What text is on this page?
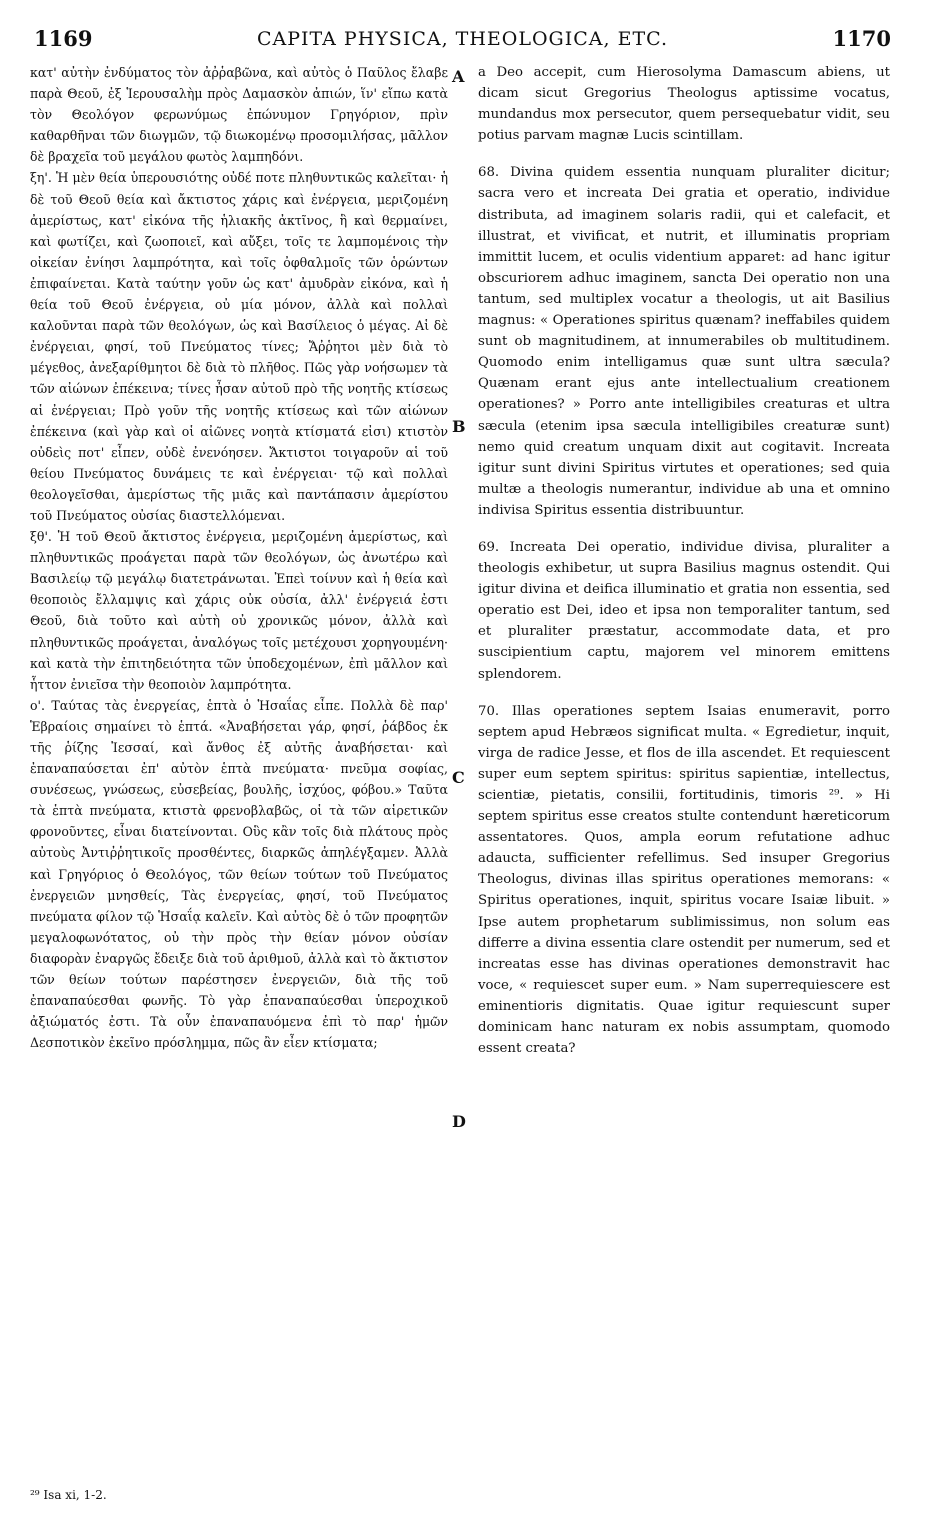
1169	CAPITA PHYSICA, THEOLOGICA, ETC.	1170

κατ' αὐτὴν ἐνδύματος τὸν ἀῤῥαβῶνα, καὶ αὐτὸς ὁ Παῦλος ἔλαβε παρὰ Θεοῦ, ἐξ Ἱερουσαλὴμ πρὸς Δαμασκὸν ἀπιών, ἵν' εἴπω κατὰ τὸν Θεολόγον φερωνύμως ἐπώνυμον Γρηγόριον, πρὶν καθαρθῆναι τῶν διωγμῶν, τῷ διωκομένῳ προσομιλήσας, μᾶλλον δὲ βραχεῖα τοῦ μεγάλου φωτὸς λαμπηδόνι.

ξη'. Ἡ μὲν θεία ὑπερουσιότης οὐδέ ποτε πληθυντικῶς καλεῖται· ἡ δὲ τοῦ Θεοῦ θεία καὶ ἄκτιστος χάρις καὶ ἐνέργεια, μεριζομένη ἀμερίστως, κατ' εἰκόνα τῆς ἡλιακῆς ἀκτῖνος, ἣ καὶ θερμαίνει, καὶ φωτίζει, καὶ ζωοποιεῖ, καὶ αὔξει, τοῖς τε λαμπομένοις τὴν οἰκείαν ἐνίησι λαμπρότητα, καὶ τοῖς ὀφθαλμοῖς τῶν ὁρώντων ἐπιφαίνεται. Κατὰ ταύτην γοῦν ὡς κατ' ἀμυδρὰν εἰκόνα, καὶ ἡ θεία τοῦ Θεοῦ ἐνέργεια, οὐ μία μόνον, ἀλλὰ καὶ πολλαὶ καλοῦνται παρὰ τῶν θεολόγων, ὡς καὶ Βασίλειος ὁ μέγας. Αἱ δὲ ἐνέργειαι, φησί, τοῦ Πνεύματος τίνες; Ἄῤῥητοι μὲν διὰ τὸ μέγεθος, ἀνεξαρίθμητοι δὲ διὰ τὸ πλῆθος. Πῶς γὰρ νοήσωμεν τὰ τῶν αἰώνων ἐπέκεινα; τίνες ἦσαν αὐτοῦ πρὸ τῆς νοητῆς κτίσεως αἱ ἐνέργειαι; Πρὸ γοῦν τῆς νοητῆς κτίσεως καὶ τῶν αἰώνων ἐπέκεινα (καὶ γὰρ καὶ οἱ αἰῶνες νοητὰ κτίσματά εἰσι) κτιστὸν οὐδεὶς ποτ' εἶπεν, οὐδὲ ἐνενόησεν. Ἄκτιστοι τοιγαροῦν αἱ τοῦ θείου Πνεύματος δυνάμεις τε καὶ ἐνέργειαι· τῷ καὶ πολλαὶ θεολογεῖσθαι, ἀμερίστως τῆς μιᾶς καὶ παντάπασιν ἀμερίστου τοῦ Πνεύματος οὐσίας διαστελλόμεναι.

ξθ'. Ἡ τοῦ Θεοῦ ἄκτιστος ἐνέργεια, μεριζομένη ἀμερίστως, καὶ πληθυντικῶς προάγεται παρὰ τῶν θεολόγων, ὡς ἀνωτέρω καὶ Βασιλείῳ τῷ μεγάλῳ διατετράνωται. Ἐπεὶ τοίνυν καὶ ἡ θεία καὶ θεοποιὸς ἔλλαμψις καὶ χάρις οὐκ οὐσία, ἀλλ' ἐνέργειά ἐστι Θεοῦ, διὰ τοῦτο καὶ αὐτὴ οὐ χρονικῶς μόνον, ἀλλὰ καὶ πληθυντικῶς προάγεται, ἀναλόγως τοῖς μετέχουσι χορηγουμένη· καὶ κατὰ τὴν ἐπιτηδειότητα τῶν ὑποδεχομένων, ἐπὶ μᾶλλον καὶ ἧττον ἐνιεῖσα τὴν θεοποιὸν λαμπρότητα.

ο'. Ταύτας τὰς ἐνεργείας, ἑπτὰ ὁ Ἡσαΐας εἶπε. Πολλὰ δὲ παρ' Ἑβραίοις σημαίνει τὸ ἑπτά. «Ἀναβήσεται γάρ, φησί, ῥάβδος ἐκ τῆς ῥίζης Ἰεσσαί, καὶ ἄνθος ἐξ αὐτῆς ἀναβήσεται· καὶ ἐπαναπαύσεται ἐπ' αὐτὸν ἑπτὰ πνεύματα· πνεῦμα σοφίας, συνέσεως, γνώσεως, εὐσεβείας, βουλῆς, ἰσχύος, φόβου.» Ταῦτα τὰ ἑπτὰ πνεύματα, κτιστὰ φρενοβλαβῶς, οἱ τὰ τῶν αἱρετικῶν φρονοῦντες, εἶναι διατείνονται. Οὓς κἂν τοῖς διὰ πλάτους πρὸς αὐτοὺς Ἀντιῤῥητικοῖς προσθέντες, διαρκῶς ἀπηλέγξαμεν. Ἀλλὰ καὶ Γρηγόριος ὁ Θεολόγος, τῶν θείων τούτων τοῦ Πνεύματος ἐνεργειῶν μνησθείς, Τὰς ἐνεργείας, φησί, τοῦ Πνεύματος πνεύματα φίλον τῷ Ἡσαΐᾳ καλεῖν. Καὶ αὐτὸς δὲ ὁ τῶν προφητῶν μεγαλοφωνότατος, οὐ τὴν πρὸς τὴν θείαν μόνον οὐσίαν διαφορὰν ἐναργῶς ἔδειξε διὰ τοῦ ἀριθμοῦ, ἀλλὰ καὶ τὸ ἄκτιστον τῶν θείων τούτων παρέστησεν ἐνεργειῶν, διὰ τῆς τοῦ ἐπαναπαύεσθαι φωνῆς. Τὸ γὰρ ἐπαναπαύεσθαι ὑπεροχικοῦ ἀξιώματός ἐστι. Τὰ οὖν ἐπαναπαυόμενα ἐπὶ τὸ παρ' ἡμῶν Δεσποτικὸν ἐκεῖνο πρόσλημμα, πῶς ἂν εἶεν κτίσματα;

A
B
C
D

a Deo accepit, cum Hierosolyma Damascum abiens, ut dicam sicut Gregorius Theologus aptissime vocatus, mundandus mox persecutor, quem persequebatur vidit, seu potius parvam magnæ Lucis scintillam.

68. Divina quidem essentia nunquam pluraliter dicitur; sacra vero et increata Dei gratia et operatio, individue distributa, ad imaginem solaris radii, qui et calefacit, et illustrat, et vivificat, et nutrit, et illuminatis propriam immittit lucem, et oculis videntium apparet: ad hanc igitur obscuriorem adhuc imaginem, sancta Dei operatio non una tantum, sed multiplex vocatur a theologis, ut ait Basilius magnus: « Operationes spiritus quænam? ineffabiles quidem sunt ob magnitudinem, at innumerabiles ob multitudinem. Quomodo enim intelligamus quæ sunt ultra sæcula? Quænam erant ejus ante intellectualium creationem operationes? » Porro ante intelligibiles creaturas et ultra sæcula (etenim ipsa sæcula intelligibiles creaturæ sunt) nemo quid creatum unquam dixit aut cogitavit. Increata igitur sunt divini Spiritus virtutes et operationes; sed quia multæ a theologis numerantur, individue ab una et omnino indivisa Spiritus essentia distribuuntur.

69. Increata Dei operatio, individue divisa, pluraliter a theologis exhibetur, ut supra Basilius magnus ostendit. Qui igitur divina et deifica illuminatio et gratia non essentia, sed operatio est Dei, ideo et ipsa non temporaliter tantum, sed et pluraliter præstatur, accommodate data, et pro suscipientium captu, majorem vel minorem emittens splendorem.

70. Illas operationes septem Isaias enumeravit, porro septem apud Hebræos significat multa. « Egredietur, inquit, virga de radice Jesse, et flos de illa ascendet. Et requiescent super eum septem spiritus: spiritus sapientiæ, intellectus, scientiæ, pietatis, consilii, fortitudinis, timoris ²⁹. » Hi septem spiritus esse creatos stulte contendunt hæreticorum assentatores. Quos, ampla eorum refutatione adhuc adaucta, sufficienter refellimus. Sed insuper Gregorius Theologus, divinas illas spiritus operationes memorans: « Spiritus operationes, inquit, spiritus vocare Isaiæ libuit. » Ipse autem prophetarum sublimissimus, non solum eas differre a divina essentia clare ostendit per numerum, sed et increatas esse has divinas operationes demonstravit hac voce, « requiescet super eum. » Nam superrequiescere est eminentioris dignitatis. Quae igitur requiescunt super dominicam hanc naturam ex nobis assumptam, quomodo essent creata?

²⁹ Isa xi, 1-2.
